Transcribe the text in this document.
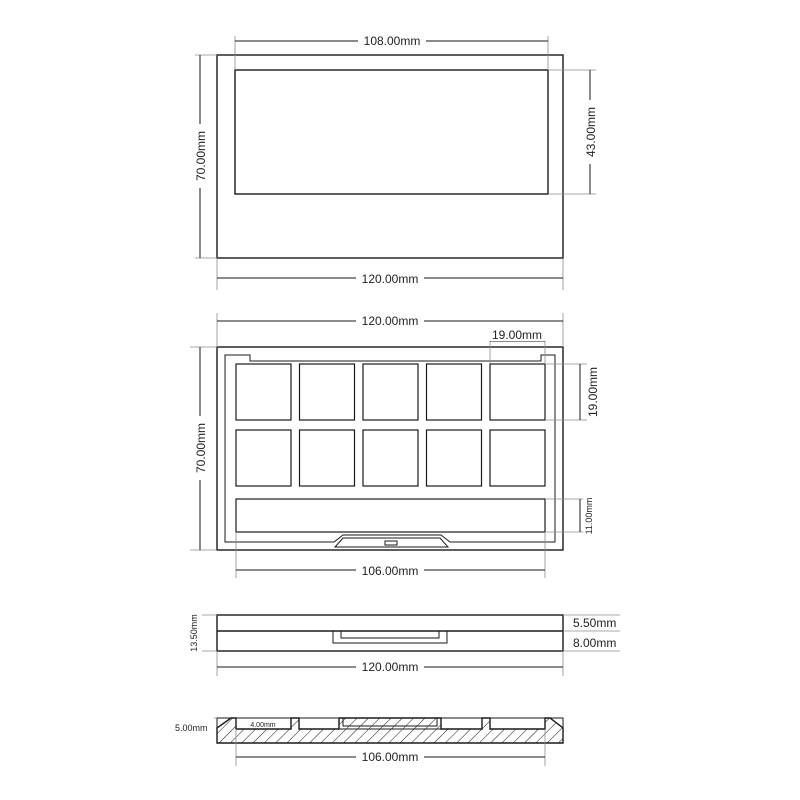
108.00mm
43.00mm
70.00mm
120.00mm
120.00mm
19.00mm
19.00mm
70.00mm
11.00mm
106.00mm
13.50mm	5.50mm
8.00mm
120.00mm
4.00mm
5.00mm
106.00mm
